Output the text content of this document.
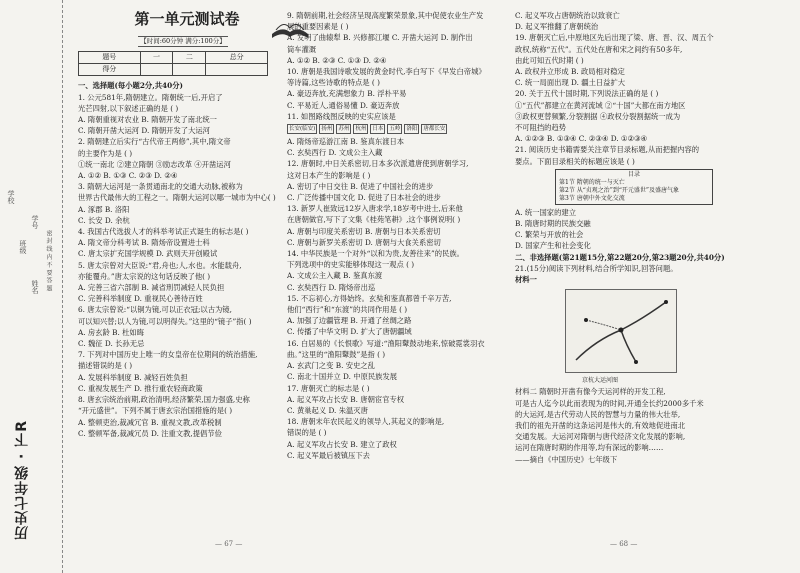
学校
班级
姓名 密 封 线 内 不 要 答 题
学号
历史七年级 · 下R
第一单元测试卷
【时间:60分钟 满分:100分】
题号	一	二	总分
得分			
一、选择题(每小题2分,共40分)
1. 公元581年,隋朝建立。隋朝统一后,开启了
光芒四射,以下叙述正确的是 ( )
A. 隋朝重视对农业 B. 隋朝开发了南北统一
C. 隋朝开凿大运河 D. 隋朝开发了大运河
2. 隋朝建立后实行“古代帝王两修”,其中,隋文帝
的主要作为是 ( )
①统一南北 ②建立隋朝 ③励志改革 ④开凿运河
A. ①② B. ①③ C. ②③ D. ②④
3. 隋朝大运河是一条贯通南北的交通大动脉,被称为
世界古代最伟大的工程之一。隋朝大运河以哪一城市为中心( )
A. 涿郡 B. 洛阳
C. 长安 D. 余杭
4. 我国古代选拔人才的科举考试正式诞生的标志是( )
A. 隋文帝分科考试 B. 隋炀帝设置进士科
C. 唐太宗扩充国学规模 D. 武则天开创殿试
5. 唐太宗曾对大臣说:“君,舟也;人,水也。水能载舟,
亦能覆舟。”唐太宗说的这句话反映了他( )
A. 完善三省六部制 B. 减省刑罚减轻人民负担
C. 完善科举制度 D. 重视民心善待百姓
6. 唐太宗曾说:“以铜为镜,可以正衣冠;以古为镜,
可以知兴替;以人为镜,可以明得失。”这里的“镜子”指( )
A. 房玄龄 B. 杜如晦
C. 魏征 D. 长孙无忌
7. 下列对中国历史上唯一的女皇帝在位期间的统治措施,
描述错误的是 ( )
A. 发展科举制度 B. 减轻百姓负担
C. 重视发展生产 D. 推行重农轻商政策
8. 唐玄宗统治前期,政治清明,经济繁荣,国力强盛,史称
“开元盛世”。下列不属于唐玄宗治国措施的是( )
A. 整顿吏治,裁减冗官 B. 重视文教,改革税制
C. 整顿军备,裁减冗员 D. 注重文教,提倡节俭
9. 隋朝前期,社会经济呈现高度繁荣景象,其中促使农业生产发
展的重要因素是 ( )
A. 发明了曲辕犁 B. 兴修都江堰 C. 开凿大运河 D. 制作出
筒车灌溉
A. ①② B. ②③ C. ①③ D. ②④
10. 唐朝是我国诗歌发展的黄金时代,李白写下《早发白帝城》
等诗篇,这些诗歌的特点是 ( )
A. 豪迈奔放,充满想象力 B. 浮朴平易
C. 平易近人,通俗易懂 D. 豪迈奔放
11. 如图路线图反映的史实应该是
长安(临安)	扬州	苏州	杭州	日本	五岭	洛阳	唐都长安
A. 隋炀帝巡游江南 B. 鉴真东渡日本
C. 玄奘西行 D. 文成公主入藏
12. 唐朝时,中日关系密切,日本多次派遣唐使到唐朝学习,
这对日本产生的影响是 ( )
A. 密切了中日交往 B. 促进了中国社会的进步
C. 广泛传播中国文化 D. 促进了日本社会的进步
13. 新罗人崔致远12岁入唐求学,18岁考中进士,后来他
在唐朝做官,写下了文集《桂苑笔耕》,这个事例说明( )
A. 唐朝与印度关系密切 B. 唐朝与日本关系密切
C. 唐朝与新罗关系密切 D. 唐朝与大食关系密切
14. 中华民族是一个对外“以和为贵,友善往来”的民族。
下列选项中的史实能够体现这一观点 ( )
A. 文成公主入藏 B. 鉴真东渡
C. 玄奘西行 D. 隋炀帝出巡
15. 不忘初心,方得始终。玄奘和鉴真都曾千辛万苦,
他们“西行”和“东渡”的共同作用是 ( )
A. 加强了边疆管理 B. 开通了丝绸之路
C. 传播了中华文明 D. 扩大了唐朝疆域
16. 白居易的《长恨歌》写道:“渔阳鼙鼓动地来,惊破霓裳羽衣
曲。”这里的“渔阳鼙鼓”是指 ( )
A. 玄武门之变 B. 安史之乱
C. 南北十国并立 D. 中原民族发展
17. 唐朝灭亡的标志是 ( )
A. 起义军攻占长安 B. 唐朝宦官专权
C. 黄巢起义 D. 朱温灭唐
18. 唐朝末年农民起义的领导人,其起义的影响是,
错误的是 ( )
A. 起义军攻占长安 B. 建立了政权
C. 起义军最后被镇压下去
C. 起义军攻占唐朝统治以致衰亡
D. 起义军推翻了唐朝统治
19. 唐朝灭亡后,中原地区先后出现了梁、唐、晋、汉、周五个
政权,统称“五代”。五代处在唐和宋之间约有50多年,
由此可知五代时期 ( )
A. 政权并立形成 B. 政局相对稳定
C. 统一局面出现 D. 疆土日益扩大
20. 关于五代十国时期,下列说法正确的是 ( )
①“五代”都建立在黄河流域 ②“十国”大都在南方地区
③政权更替频繁,分裂割据 ④政权分裂割据统一成为
不可阻挡的趋势
A. ①②③ B. ①③④ C. ②③④ D. ①②③④
21. 阅读历史书籍需要关注章节目录标题,从而把握内容的
要点。下面目录相关的标题应该是 ( )
目录
第1节 隋朝的统一与灭亡
第2节 从“贞观之治”到“开元盛世”及盛唐气象
第3节 唐朝中外文化交流
A. 统一国家的建立
B. 隋唐时期的民族交融
C. 繁荣与开放的社会
D. 国家产生和社会变化
二、非选择题(第21题15分,第22题20分,第23题20分,共40分)
21.(15分)阅读下列材料,结合所学知识,回答问题。
材料一
京杭大运河图
材料二 隋朝时开凿有像今天运河样的开发工程,
可是古人迄今以此而表现为的时间,开通全长约2000多千米
的大运河,是古代劳动人民的智慧与力量的伟大壮举,
我们的祖先开凿的这条运河是伟大的,有效地促进南北
交通发展。大运河对隋朝与唐代经济文化发展的影响,
运河在隋唐时期的作用等,均有深远的影响……
——摘自《中国历史》七年级下
— 67 —	— 68 —
